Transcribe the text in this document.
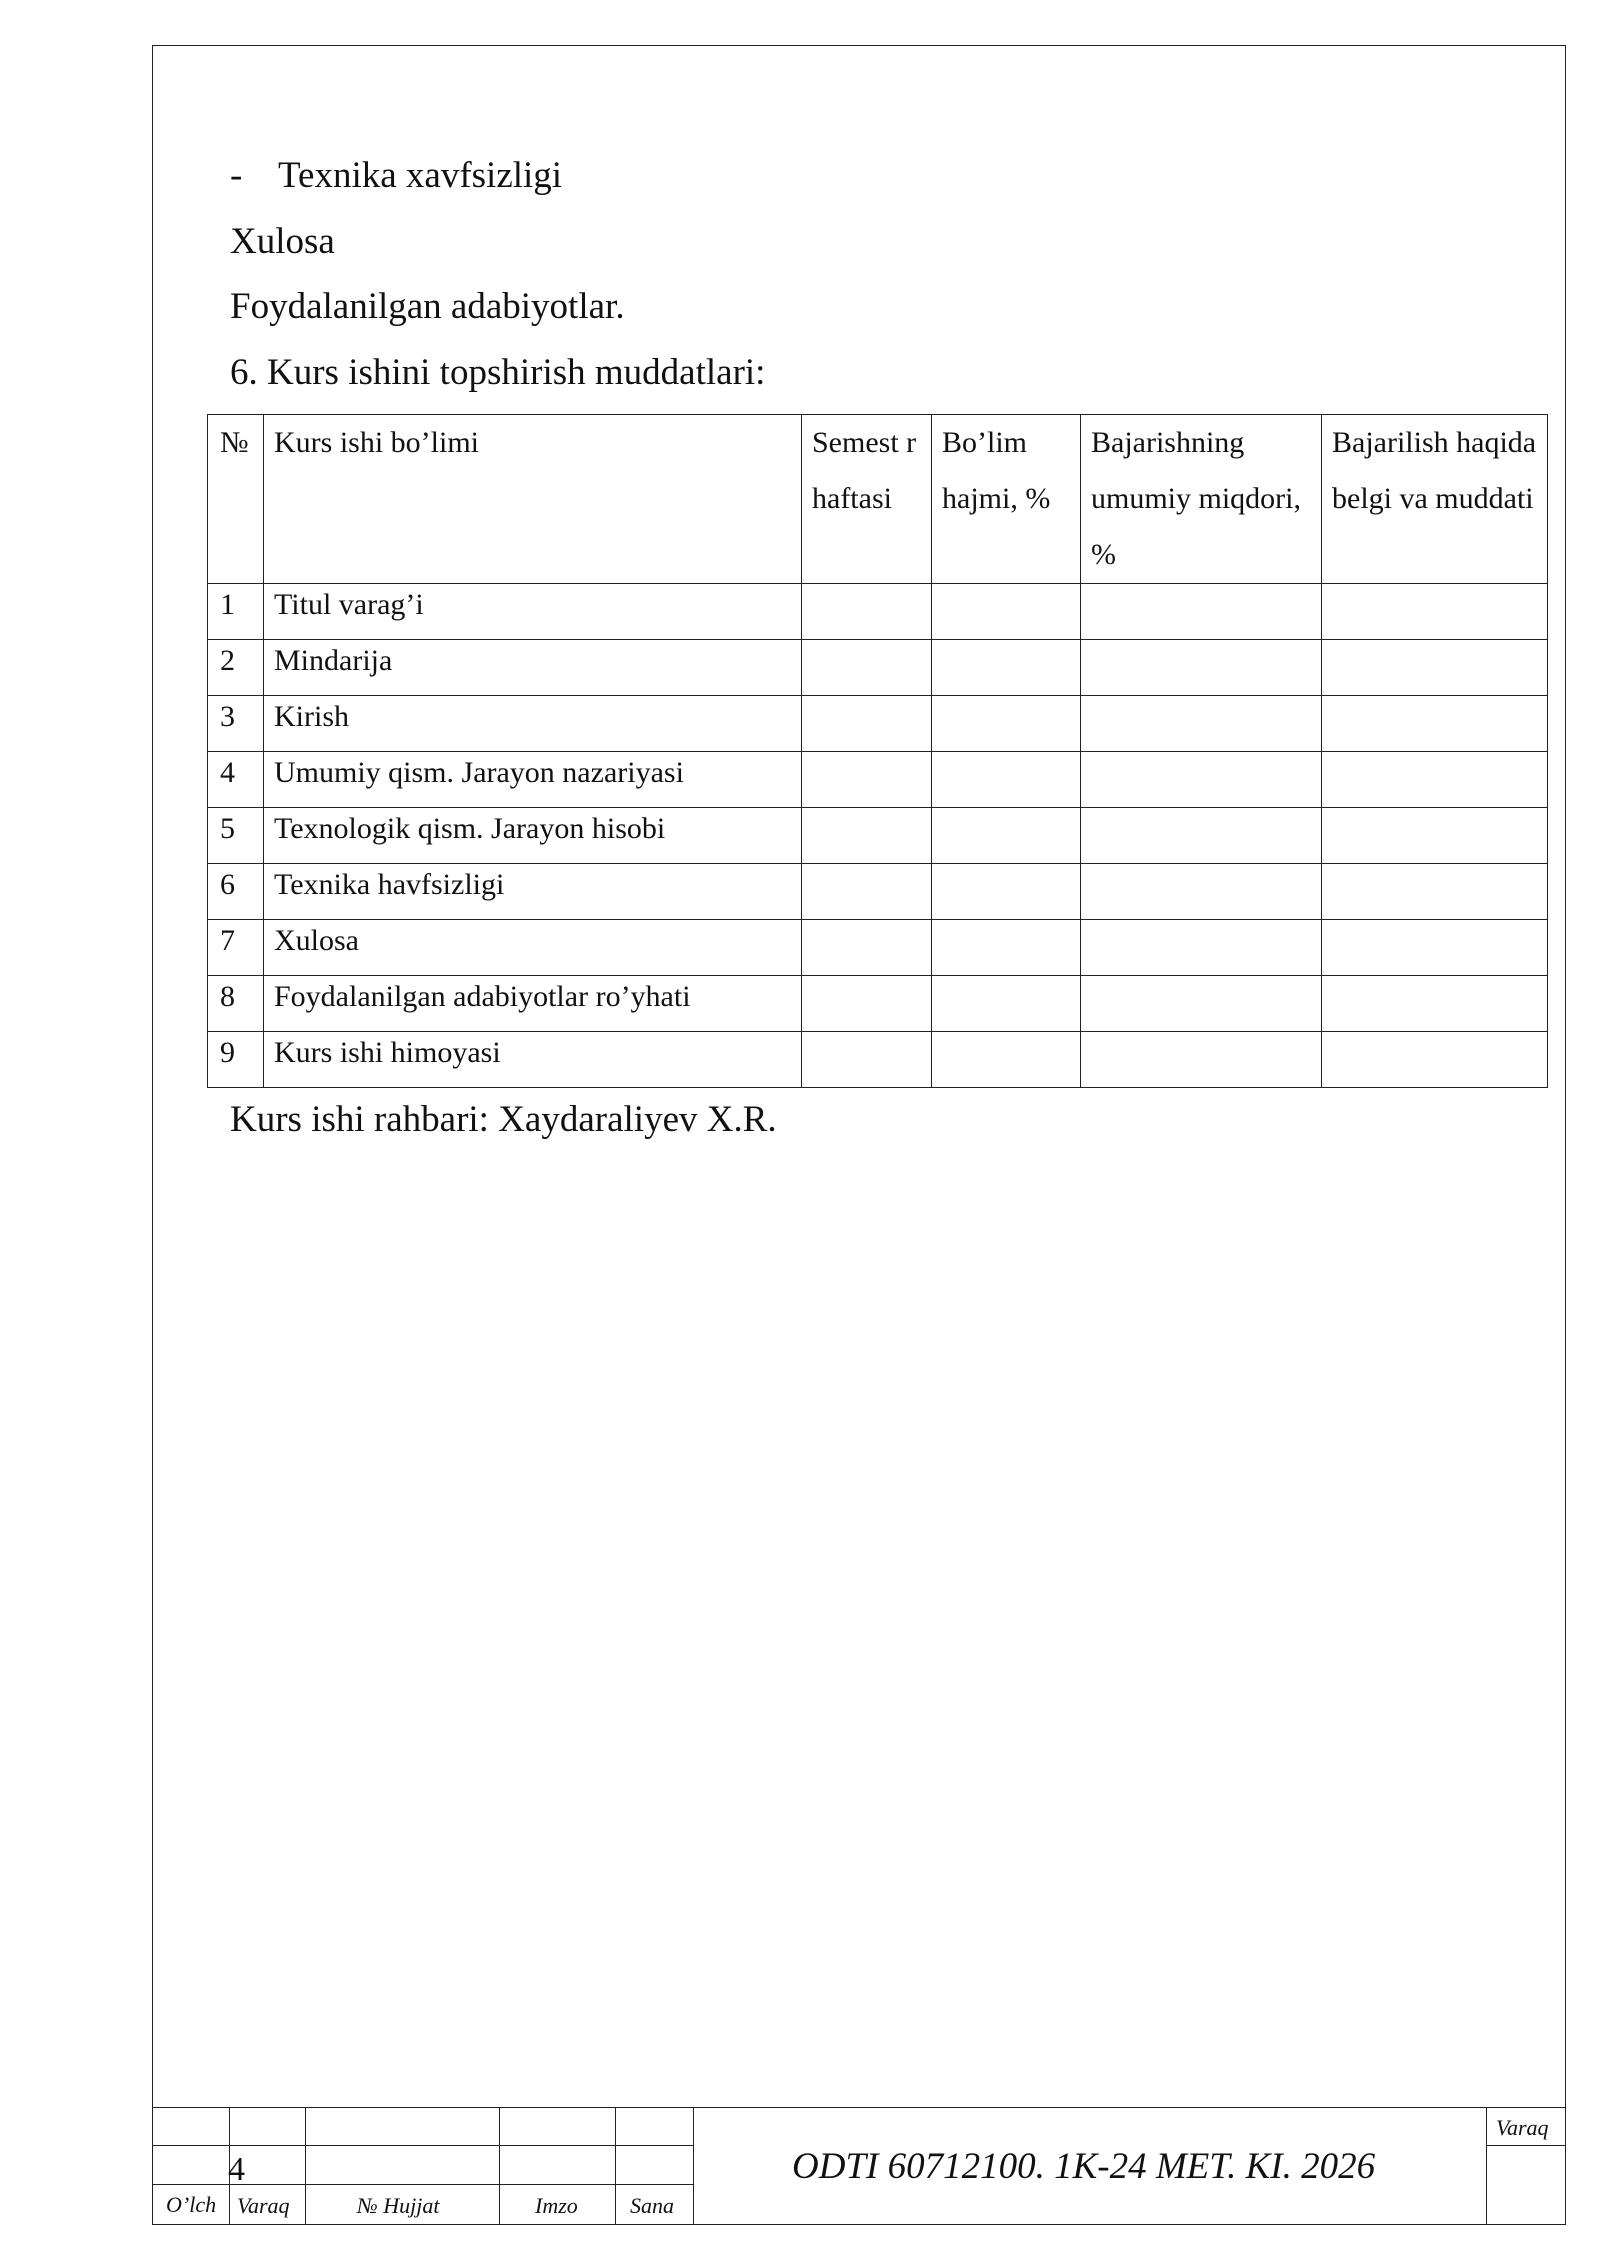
- Texnika xavfsizligi
Xulosa
Foydalanilgan adabiyotlar.
6. Kurs ishini topshirish muddatlari:
№	Kurs ishi bo’limi	Semest r haftasi	Bo’lim hajmi, %	Bajarishning umumiy miqdori, %	Bajarilish haqida belgi va muddati
1	Titul varag’i				
2	Mindarija				
3	Kirish				
4	Umumiy qism. Jarayon nazariyasi				
5	Texnologik qism. Jarayon hisobi				
6	Texnika havfsizligi				
7	Xulosa				
8	Foydalanilgan adabiyotlar ro’yhati				
9	Kurs ishi himoyasi				
Kurs ishi rahbari: Xaydaraliyev X.R.
4
O’lch Varaq	№ Hujjat	Imzo Sana
Varaq
ODTI 60712100. 1K-24 MET. KI. 2026
